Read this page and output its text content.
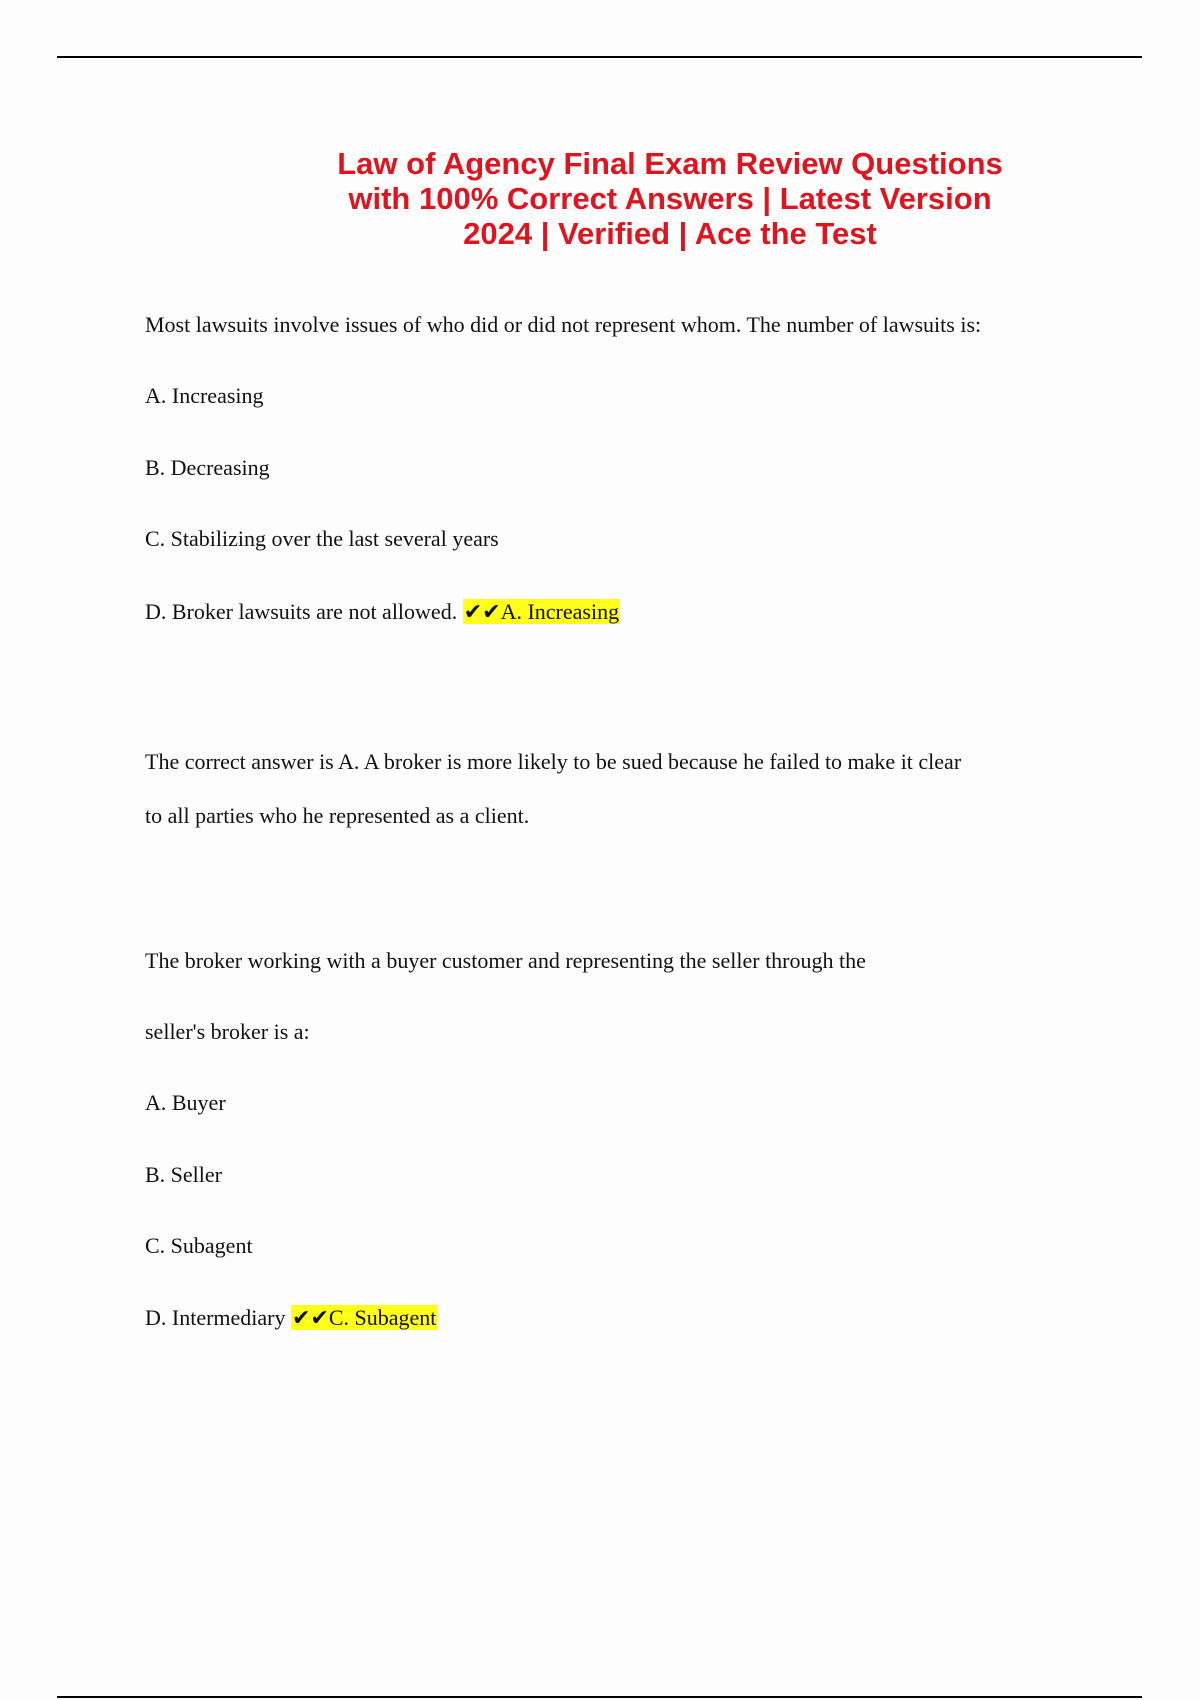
Law of Agency Final Exam Review Questions
with 100% Correct Answers | Latest Version
2024 | Verified | Ace the Test
Most lawsuits involve issues of who did or did not represent whom. The number of lawsuits is:
A. Increasing
B. Decreasing
C. Stabilizing over the last several years
D. Broker lawsuits are not allowed. ✔✔A. Increasing
The correct answer is A. A broker is more likely to be sued because he failed to make it clear
to all parties who he represented as a client.
The broker working with a buyer customer and representing the seller through the
seller's broker is a:
A. Buyer
B. Seller
C. Subagent
D. Intermediary ✔✔C. Subagent
